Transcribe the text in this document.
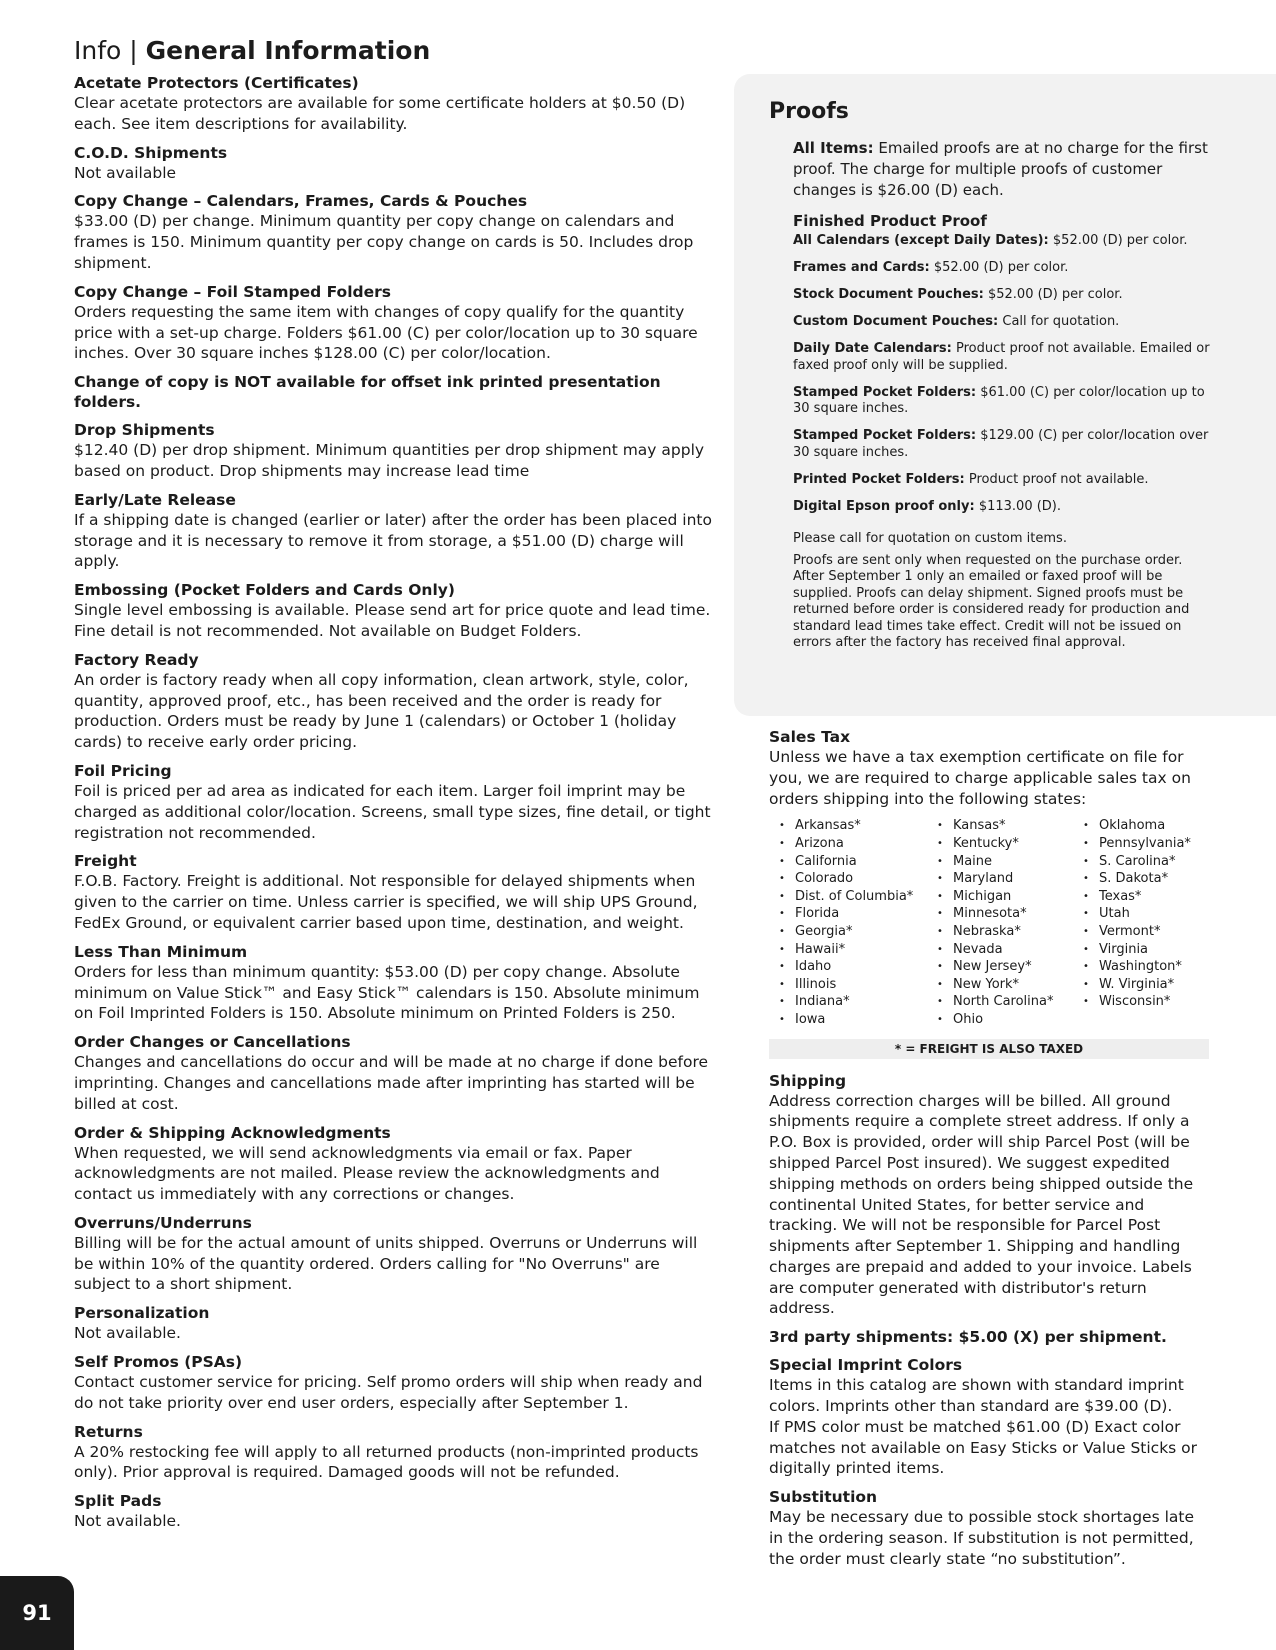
Info | General Information

Acetate Protectors (Certificates)

Clear acetate protectors are available for some certificate holders at $0.50 (D) each. See item descriptions for availability.

C.O.D. Shipments

Not available

Copy Change – Calendars, Frames, Cards & Pouches

$33.00 (D) per change. Minimum quantity per copy change on calendars and frames is 150. Minimum quantity per copy change on cards is 50. Includes drop shipment.

Copy Change – Foil Stamped Folders

Orders requesting the same item with changes of copy qualify for the quantity price with a set-up charge. Folders $61.00 (C) per color/location up to 30 square inches. Over 30 square inches $128.00 (C) per color/location.

Change of copy is NOT available for offset ink printed presentation folders.

Drop Shipments

$12.40 (D) per drop shipment. Minimum quantities per drop shipment may apply based on product. Drop shipments may increase lead time

Early/Late Release

If a shipping date is changed (earlier or later) after the order has been placed into storage and it is necessary to remove it from storage, a $51.00 (D) charge will apply.

Embossing (Pocket Folders and Cards Only)

Single level embossing is available. Please send art for price quote and lead time. Fine detail is not recommended. Not available on Budget Folders.

Factory Ready

An order is factory ready when all copy information, clean artwork, style, color, quantity, approved proof, etc., has been received and the order is ready for production. Orders must be ready by June 1 (calendars) or October 1 (holiday cards) to receive early order pricing.

Foil Pricing

Foil is priced per ad area as indicated for each item. Larger foil imprint may be charged as additional color/location. Screens, small type sizes, fine detail, or tight registration not recommended.

Freight

F.O.B. Factory. Freight is additional. Not responsible for delayed shipments when given to the carrier on time. Unless carrier is specified, we will ship UPS Ground, FedEx Ground, or equivalent carrier based upon time, destination, and weight.

Less Than Minimum

Orders for less than minimum quantity: $53.00 (D) per copy change. Absolute minimum on Value Stick™ and Easy Stick™ calendars is 150. Absolute minimum on Foil Imprinted Folders is 150. Absolute minimum on Printed Folders is 250.

Order Changes or Cancellations

Changes and cancellations do occur and will be made at no charge if done before imprinting. Changes and cancellations made after imprinting has started will be billed at cost.

Order & Shipping Acknowledgments

When requested, we will send acknowledgments via email or fax. Paper acknowledgments are not mailed. Please review the acknowledgments and contact us immediately with any corrections or changes.

Overruns/Underruns

Billing will be for the actual amount of units shipped. Overruns or Underruns will be within 10% of the quantity ordered. Orders calling for "No Overruns" are subject to a short shipment.

Personalization

Not available.

Self Promos (PSAs)

Contact customer service for pricing. Self promo orders will ship when ready and do not take priority over end user orders, especially after September 1.

Returns

A 20% restocking fee will apply to all returned products (non-imprinted products only). Prior approval is required. Damaged goods will not be refunded.

Split Pads

Not available.

Proofs

All Items: Emailed proofs are at no charge for the first proof. The charge for multiple proofs of customer changes is $26.00 (D) each.

Finished Product Proof

All Calendars (except Daily Dates): $52.00 (D) per color.

Frames and Cards: $52.00 (D) per color.

Stock Document Pouches: $52.00 (D) per color.

Custom Document Pouches: Call for quotation.

Daily Date Calendars: Product proof not available. Emailed or faxed proof only will be supplied.

Stamped Pocket Folders: $61.00 (C) per color/location up to 30 square inches.

Stamped Pocket Folders: $129.00 (C) per color/location over 30 square inches.

Printed Pocket Folders: Product proof not available.

Digital Epson proof only: $113.00 (D).

Please call for quotation on custom items.

Proofs are sent only when requested on the purchase order. After September 1 only an emailed or faxed proof will be supplied. Proofs can delay shipment. Signed proofs must be returned before order is considered ready for production and standard lead times take effect. Credit will not be issued on errors after the factory has received final approval.

Sales Tax

Unless we have a tax exemption certificate on file for you, we are required to charge applicable sales tax on orders shipping into the following states:

• Arkansas*
• Arizona
• California
• Colorado
• Dist. of Columbia*
• Florida
• Georgia*
• Hawaii*
• Idaho
• Illinois
• Indiana*
• Iowa
• Kansas*
• Kentucky*
• Maine
• Maryland
• Michigan
• Minnesota*
• Nebraska*
• Nevada
• New Jersey*
• New York*
• North Carolina*
• Ohio
• Oklahoma
• Pennsylvania*
• S. Carolina*
• S. Dakota*
• Texas*
• Utah
• Vermont*
• Virginia
• Washington*
• W. Virginia*
• Wisconsin*
* = FREIGHT IS ALSO TAXED

Shipping

Address correction charges will be billed. All ground shipments require a complete street address. If only a P.O. Box is provided, order will ship Parcel Post (will be shipped Parcel Post insured). We suggest expedited shipping methods on orders being shipped outside the continental United States, for better service and tracking. We will not be responsible for Parcel Post shipments after September 1. Shipping and handling charges are prepaid and added to your invoice. Labels are computer generated with distributor's return address.

3rd party shipments: $5.00 (X) per shipment.

Special Imprint Colors

Items in this catalog are shown with standard imprint colors. Imprints other than standard are $39.00 (D).

If PMS color must be matched $61.00 (D) Exact color matches not available on Easy Sticks or Value Sticks or digitally printed items.

Substitution

May be necessary due to possible stock shortages late in the ordering season. If substitution is not permitted, the order must clearly state “no substitution”.

91
